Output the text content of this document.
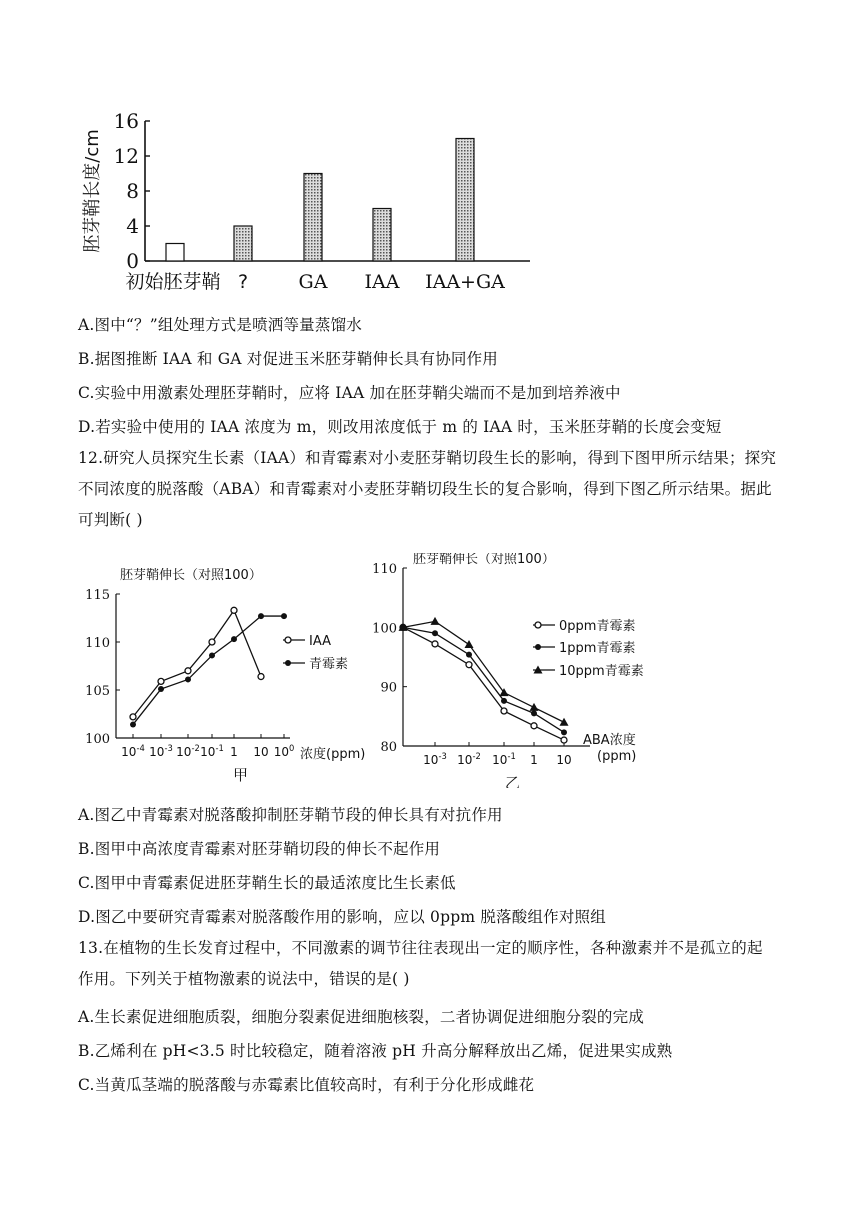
0
4
8
12
16
胚芽鞘长度/cm
初始胚芽鞘 ?	GA IAA IAA+GA
100
105
110
115
$10^{-4}$ $10^{-3}$ $10^{-2}$ $10^{-1}$ 1 10 $10^0$
胚芽鞘伸长（对照100）
浓度(ppm)
甲
IAA
青霉素
80
90
100
110
$10^{-3}$ $10^{-2}$ $10^{-1}$ 1 10
胚芽鞘伸长（对照100）
ABA浓度
(ppm)
乙
0ppm青霉素
1ppm青霉素
10ppm青霉素
A.图中“？”组处理方式是喷洒等量蒸馏水
B.据图推断 IAA 和 GA 对促进玉米胚芽鞘伸长具有协同作用
C.实验中用激素处理胚芽鞘时，应将 IAA 加在胚芽鞘尖端而不是加到培养液中
D.若实验中使用的 IAA 浓度为 m，则改用浓度低于 m 的 IAA 时，玉米胚芽鞘的长度会变短
12.研究人员探究生长素（IAA）和青霉素对小麦胚芽鞘切段生长的影响，得到下图甲所示结果；探究不同浓度的脱落酸（ABA）和青霉素对小麦胚芽鞘切段生长的复合影响，得到下图乙所示结果。据此可判断( )
A.图乙中青霉素对脱落酸抑制胚芽鞘节段的伸长具有对抗作用
B.图甲中高浓度青霉素对胚芽鞘切段的伸长不起作用
C.图甲中青霉素促进胚芽鞘生长的最适浓度比生长素低
D.图乙中要研究青霉素对脱落酸作用的影响，应以 0ppm 脱落酸组作对照组
13.在植物的生长发育过程中，不同激素的调节往往表现出一定的顺序性，各种激素并不是孤立的起作用。下列关于植物激素的说法中，错误的是( )
A.生长素促进细胞质裂，细胞分裂素促进细胞核裂，二者协调促进细胞分裂的完成
B.乙烯利在 pH<3.5 时比较稳定，随着溶液 pH 升高分解释放出乙烯，促进果实成熟
C.当黄瓜茎端的脱落酸与赤霉素比值较高时，有利于分化形成雌花
